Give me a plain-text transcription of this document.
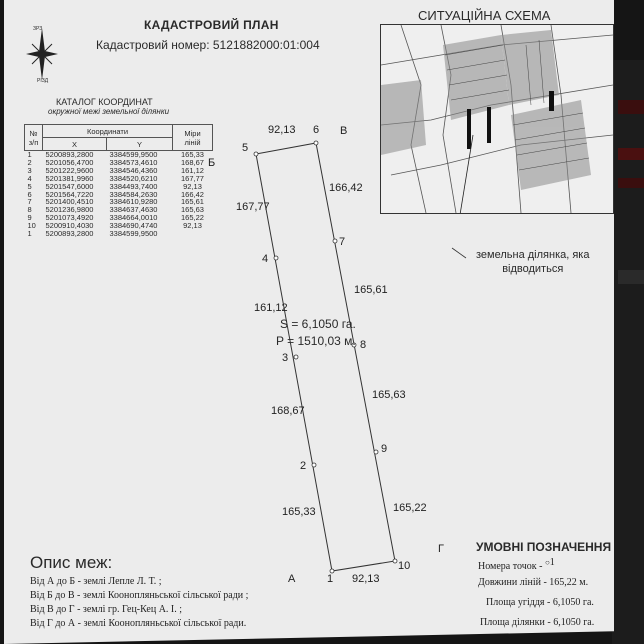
КАДАСТРОВИЙ ПЛАН
Кадастровий номер: 5121882000:01:004
СИТУАЦІЙНА СХЕМА
ЗРЗ
РІЗД
КАТАЛОГ КООРДИНАТ
окружної межі земельної ділянки
№ з/п	Координати		Міри ліній
	X	Y	
1	5200893,2800	3384599,9500	165,33
2	5201056,4700	3384573,4610	168,67
3	5201222,9600	3384546,4360	161,12
4	5201381,9960	3384520,6210	167,77
5	5201547,6000	3384493,7400	92,13
6	5201564,7220	3384584,2630	166,42
7	5201400,4510	3384610,9280	165,61
8	5201236,9800	3384637,4630	165,63
9	5201073,4920	3384664,0010	165,22
10	5200910,4030	3384690,4740	92,13
1	5200893,2800	3384599,9500	
земельна ділянка, яка
відводиться
Б
В
А
Г
5
6
4
7
3
8
2
9
1
10
92,13
167,77
166,42
161,12
165,61
168,67
165,63
165,33	165,22
92,13
S = 6,1050 га.
P = 1510,03 м.
УМОВНІ ПОЗНАЧЕННЯ
Номера точок - ○1
Довжини ліній - 165,22 м.
Площа угіддя - 6,1050 га.
Площа ділянки - 6,1050 га.
Опис меж:
Від А до Б - землі Лепле Л. Т. ;
Від Б до В - землі Коонопляньської сільської ради ;
Від В до Г - землі гр. Гец-Кец А. І. ;
Від Г до А - землі Коонопляньської сільської ради.
